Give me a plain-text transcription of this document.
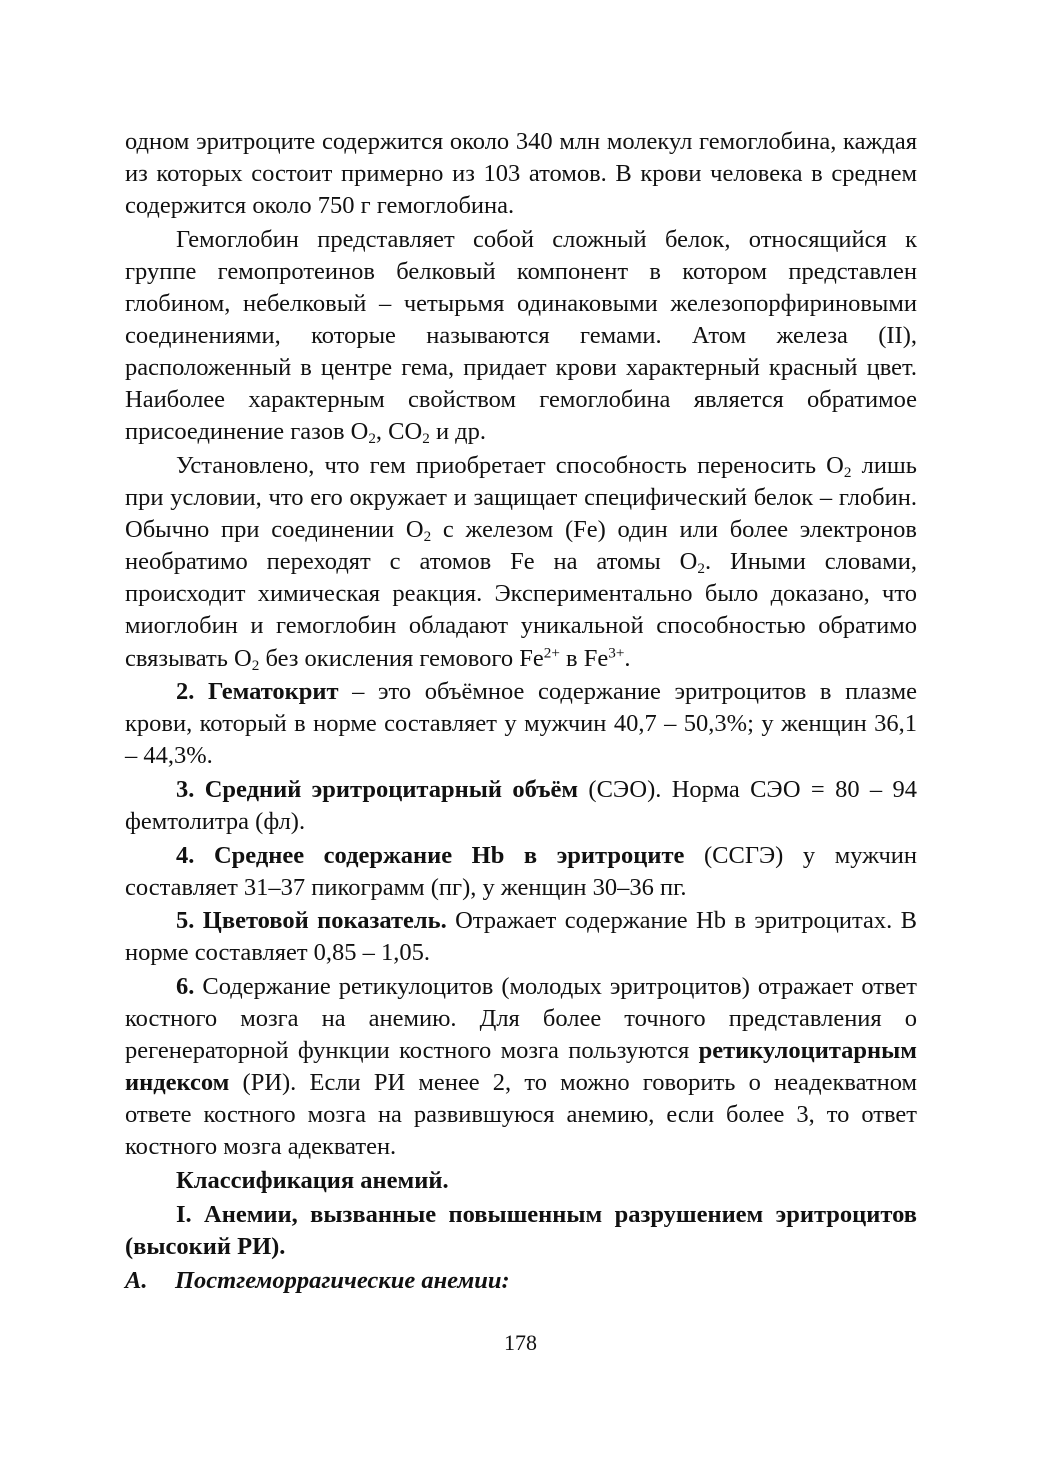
одном эритроците содержится около 340 млн молекул гемоглобина, каждая из которых состоит примерно из 103 атомов. В крови человека в среднем содержится около 750 г гемоглобина.

Гемоглобин представляет собой сложный белок, относящийся к группе гемопротеинов белковый компонент в котором представлен глобином, небелковый – четырьмя одинаковыми железопорфириновыми соединениями, которые называются гемами. Атом железа (II), расположенный в центре гема, придает крови характерный красный цвет. Наиболее характерным свойством гемоглобина является обратимое присоединение газов $О_2$, $СО_2$ и др.

Установлено, что гем приобретает способность переносить $О_2$ лишь при условии, что его окружает и защищает специфический белок – глобин. Обычно при соединении $О_2$ с железом (Fe) один или более электронов необратимо переходят с атомов Fe на атомы $О_2$. Иными словами, происходит химическая реакция. Экспериментально было доказано, что миоглобин и гемоглобин обладают уникальной способностью обратимо связывать $О_2$ без окисления гемового $Fe^{2+}$ в $Fe^{3+}$.

2. Гематокрит – это объёмное содержание эритроцитов в плазме крови, который в норме составляет у мужчин 40,7 – 50,3%; у женщин 36,1 – 44,3%.

3. Средний эритроцитарный объём (СЭО). Норма СЭО = 80 – 94 фемтолитра (фл).

4. Среднее содержание Hb в эритроците (ССГЭ) у мужчин составляет 31–37 пикограмм (пг), у женщин 30–36 пг.

5. Цветовой показатель. Отражает содержание Hb в эритроцитах. В норме составляет 0,85 – 1,05.

6. Содержание ретикулоцитов (молодых эритроцитов) отражает ответ костного мозга на анемию. Для более точного представления о регенераторной функции костного мозга пользуются ретикулоцитарным индексом (РИ). Если РИ менее 2, то можно говорить о неадекватном ответе костного мозга на развившуюся анемию, если более 3, то ответ костного мозга адекватен.

Классификация анемий.

I. Анемии, вызванные повышенным разрушением эритроцитов (высокий РИ).

А.	Постгеморрагические анемии:
178
